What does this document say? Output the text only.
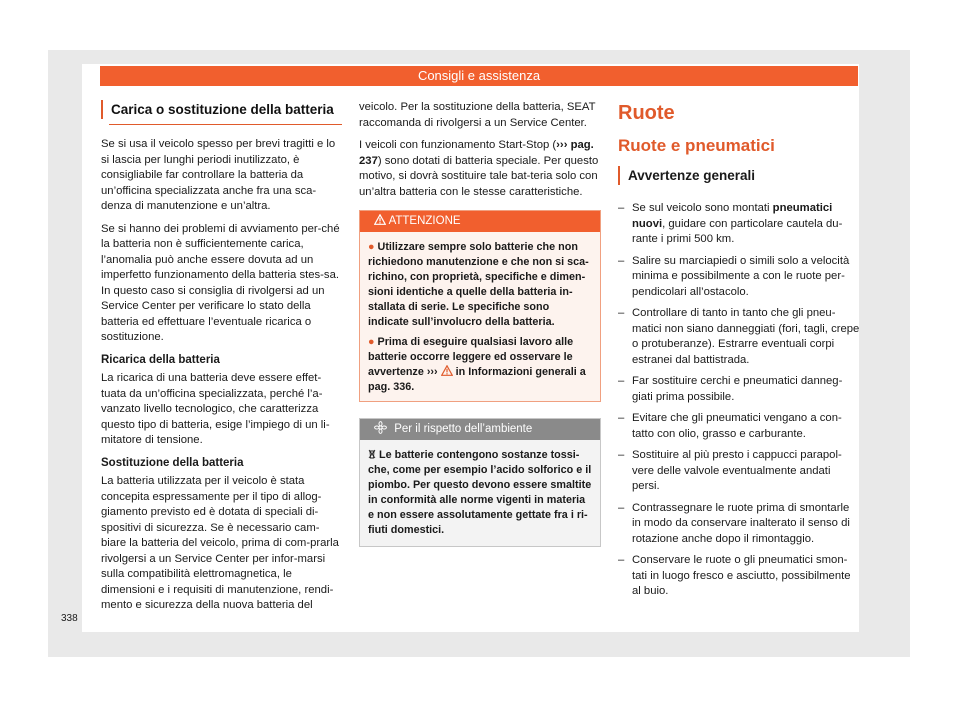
Consigli e assistenza
Carica o sostituzione della batteria

Se si usa il veicolo spesso per brevi tragitti e lo si lascia per lunghi periodi inutilizzato, è consigliabile far controllare la batteria da un’officina specializzata anche fra una sca-denza di manutenzione e un’altra.

Se si hanno dei problemi di avviamento per-ché la batteria non è sufficientemente carica, l’anomalia può anche essere dovuta ad un imperfetto funzionamento della batteria stes-sa. In questo caso si consiglia di rivolgersi ad un Service Center per verificare lo stato della batteria ed effettuare l’eventuale ricarica o sostituzione.

Ricarica della batteria

La ricarica di una batteria deve essere effet-tuata da un’officina specializzata, perché l’a-vanzato livello tecnologico, che caratterizza questo tipo di batteria, esige l’impiego di un li-mitatore di tensione.

Sostituzione della batteria

La batteria utilizzata per il veicolo è stata concepita espressamente per il tipo di allog-giamento previsto ed è dotata di speciali di-spositivi di sicurezza. Se è necessario cam-biare la batteria del veicolo, prima di com-prarla rivolgersi a un Service Center per infor-marsi sulla compatibilità elettromagnetica, le dimensioni e i requisiti di manutenzione, rendi-mento e sicurezza della nuova batteria del

veicolo. Per la sostituzione della batteria, SEAT raccomanda di rivolgersi a un Service Center.

I veicoli con funzionamento Start-Stop (››› pag. 237) sono dotati di batteria speciale. Per questo motivo, si dovrà sostituire tale bat-teria solo con un’altra batteria con le stesse caratteristiche.

ATTENZIONE

● Utilizzare sempre solo batterie che non richiedono manutenzione e che non si sca-richino, con proprietà, specifiche e dimen-sioni identiche a quelle della batteria in-stallata di serie. Le specifiche sono indicate sull’involucro della batteria.

● Prima di eseguire qualsiasi lavoro alle batterie occorre leggere ed osservare le avvertenze ››› in Informazioni generali a pag. 336.

Per il rispetto dell’ambiente
Le batterie contengono sostanze tossi-che, come per esempio l’acido solforico e il piombo. Per questo devono essere smaltite in conformità alle norme vigenti in materia e non essere assolutamente gettate fra i ri-fiuti domestici.
Ruote
Ruote e pneumatici
Avvertenze generali
– Se sul veicolo sono montati pneumatici nuovi, guidare con particolare cautela du-rante i primi 500 km.
– Salire su marciapiedi o simili solo a velocità minima e possibilmente a con le ruote per-pendicolari all’ostacolo.
– Controllare di tanto in tanto che gli pneu-matici non siano danneggiati (fori, tagli, crepe o protuberanze). Estrarre eventuali corpi estranei dal battistrada.
– Far sostituire cerchi e pneumatici danneg-giati prima possibile.
– Evitare che gli pneumatici vengano a con-tatto con olio, grasso e carburante.
– Sostituire al più presto i cappucci parapol-vere delle valvole eventualmente andati persi.
– Contrassegnare le ruote prima di smontarle in modo da conservare inalterato il senso di rotazione anche dopo il rimontaggio.
– Conservare le ruote o gli pneumatici smon-tati in luogo fresco e asciutto, possibilmente al buio.
338
